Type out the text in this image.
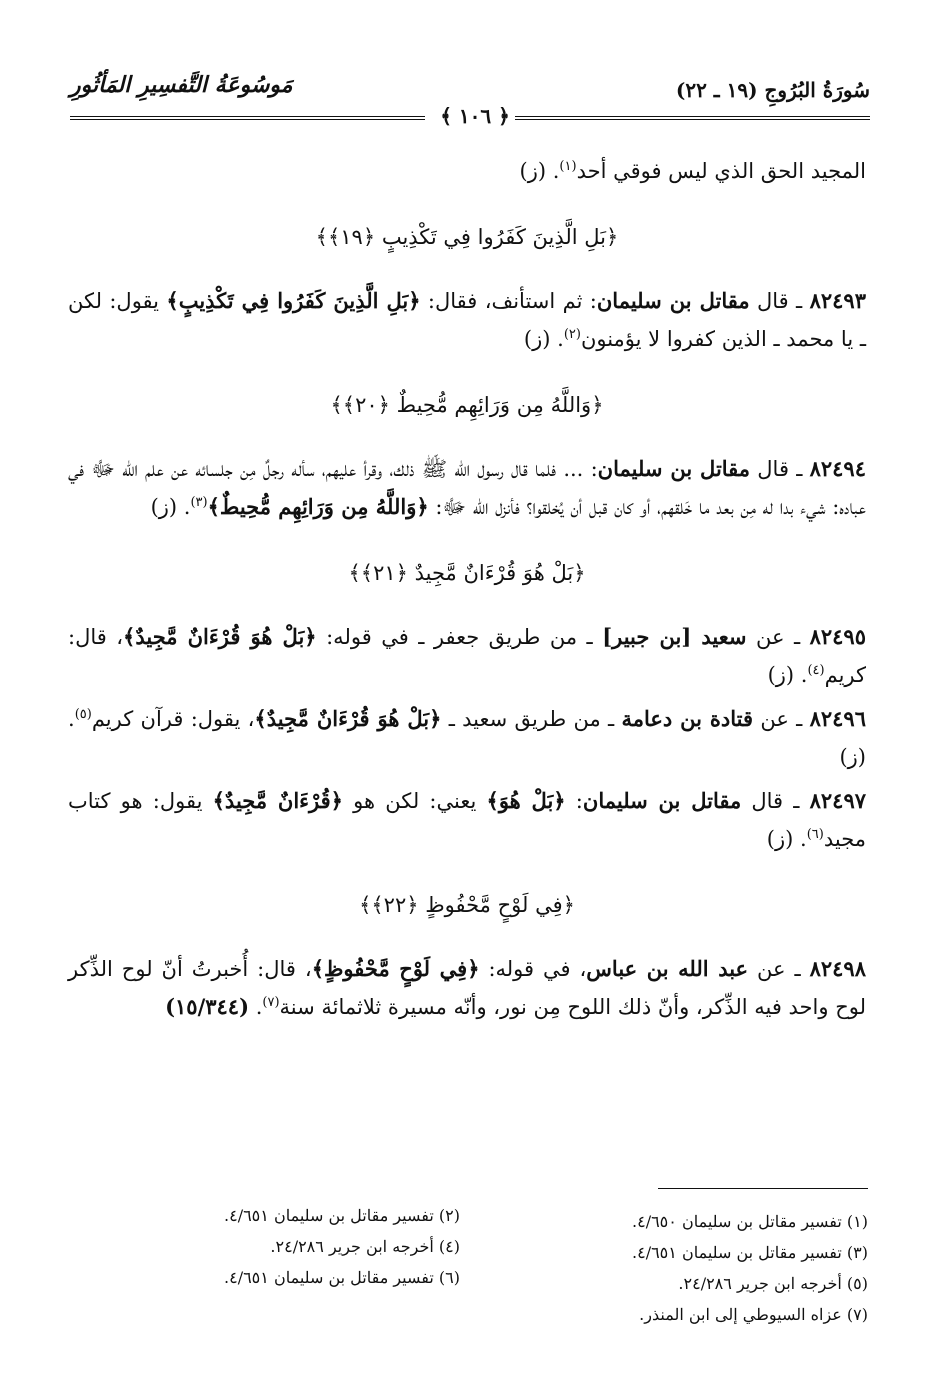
سُورَةُ البُرُوجِ (١٩ ـ ٢٢)
مَوسُوعَةُ التَّفسِيرِ المَأثُورِ
﴿ ١٠٦ ﴾

المجيد الحق الذي ليس فوقي أحد$^{(١)}$. (ز)

﴿بَلِ الَّذِينَ كَفَرُوا فِي تَكْذِيبٍ ﴿١٩﴾﴾

٨٢٤٩٣ ـ قال مقاتل بن سليمان: ثم استأنف، فقال: ﴿بَلِ الَّذِينَ كَفَرُوا فِي تَكْذِيبٍ﴾ يقول: لكن ـ يا محمد ـ الذين كفروا لا يؤمنون$^{(٢)}$. (ز)

﴿وَاللَّهُ مِن وَرَائِهِم مُّحِيطٌ ﴿٢٠﴾﴾

٨٢٤٩٤ ـ قال مقاتل بن سليمان: ... فلما قال رسول الله ﷺ ذلك، وقرأ عليهم، سأله رجلٌ مِن جلسائه عن علم الله ﷻ في عباده: شيء بدا له مِن بعد ما خَلقهم، أو كان قبل أن يُخلقوا؟ فأنزل الله ﷻ: ﴿وَاللَّهُ مِن وَرَائِهِم مُّحِيطٌ﴾$^{(٣)}$. (ز)

﴿بَلْ هُوَ قُرْءَانٌ مَّجِيدٌ ﴿٢١﴾﴾

٨٢٤٩٥ ـ عن سعيد [بن جبير] ـ من طريق جعفر ـ في قوله: ﴿بَلْ هُوَ قُرْءَانٌ مَّجِيدٌ﴾، قال: كريم$^{(٤)}$. (ز)

٨٢٤٩٦ ـ عن قتادة بن دعامة ـ من طريق سعيد ـ ﴿بَلْ هُوَ قُرْءَانٌ مَّجِيدٌ﴾، يقول: قرآن كريم$^{(٥)}$. (ز)

٨٢٤٩٧ ـ قال مقاتل بن سليمان: ﴿بَلْ هُوَ﴾ يعني: لكن هو ﴿قُرْءَانٌ مَّجِيدٌ﴾ يقول: هو كتاب مجيد$^{(٦)}$. (ز)

﴿فِي لَوْحٍ مَّحْفُوظٍ ﴿٢٢﴾﴾

٨٢٤٩٨ ـ عن عبد الله بن عباس، في قوله: ﴿فِي لَوْحٍ مَّحْفُوظٍ﴾، قال: أُخبرتُ أنّ لوح الذِّكر لوح واحد فيه الذِّكر، وأنّ ذلك اللوح مِن نور، وأنّه مسيرة ثلاثمائة سنة$^{(٧)}$. (١٥/٣٤٤)

(١) تفسير مقاتل بن سليمان ٤/٦٥٠.
(٣) تفسير مقاتل بن سليمان ٤/٦٥١.
(٥) أخرجه ابن جرير ٢٤/٢٨٦.
(٧) عزاه السيوطي إلى ابن المنذر.
(٢) تفسير مقاتل بن سليمان ٤/٦٥١.
(٤) أخرجه ابن جرير ٢٤/٢٨٦.
(٦) تفسير مقاتل بن سليمان ٤/٦٥١.
